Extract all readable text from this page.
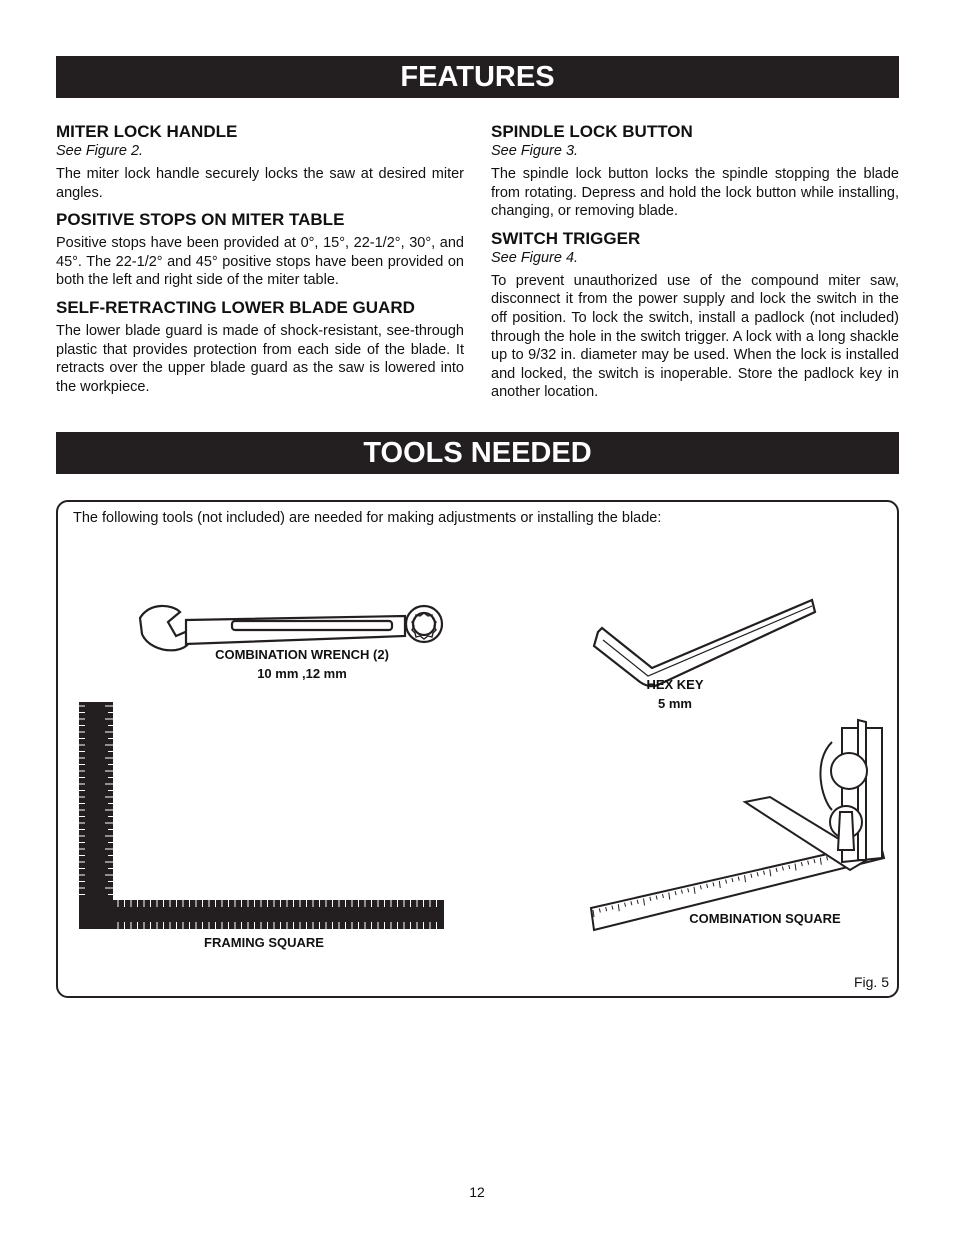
FEATURES
MITER LOCK HANDLE
See Figure 2.

The miter lock handle securely locks the saw at desired miter angles.

POSITIVE STOPS ON MITER TABLE

Positive stops have been provided at 0°, 15°, 22-1/2°, 30°, and 45°. The 22-1/2° and 45° positive stops have been provided on both the left and right side of the miter table.

SELF-RETRACTING LOWER BLADE GUARD

The lower blade guard is made of shock-resistant, see-through plastic that provides protection from each side of the blade. It retracts over the upper blade guard as the saw is lowered into the workpiece.

SPINDLE LOCK BUTTON
See Figure 3.

The spindle lock button locks the spindle stopping the blade from rotating. Depress and hold the lock button while installing, changing, or removing blade.

SWITCH TRIGGER
See Figure 4.

To prevent unauthorized use of the compound miter saw, disconnect it from the power supply and lock the switch in the off position. To lock the switch, install a padlock (not included) through the hole in the switch trigger. A lock with a long shackle up to 9/32 in. diameter may be used. When the lock is installed and locked, the switch is inoperable. Store the padlock key in another location.

TOOLS NEEDED
The following tools (not included) are needed for making adjustments or installing the blade:
Fig. 5
COMBINATION WRENCH (2)
10 mm ,12 mm
HEX KEY
5 mm
FRAMING SQUARE
COMBINATION SQUARE
12
